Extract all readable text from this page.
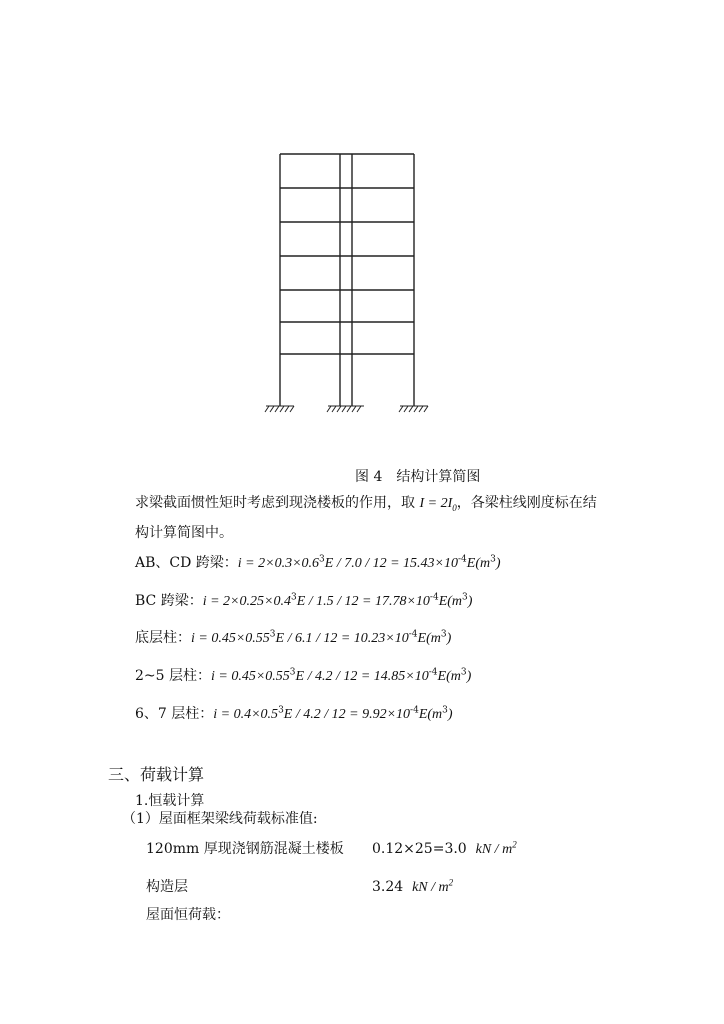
图 4　结构计算简图
求梁截面惯性矩时考虑到现浇楼板的作用，取 $I = 2I_0$，各梁柱线刚度标在结
构计算简图中。
AB、CD 跨梁：$i = 2\times 0.3\times 0.6^3E / 7.0 / 12 = 15.43\times 10^{-4}E(m^3)$
BC 跨梁：$i = 2\times 0.25\times 0.4^3E / 1.5 / 12 = 17.78\times 10^{-4}E(m^3)$
底层柱：$i = 0.45\times 0.55^3E / 6.1 / 12 = 10.23\times 10^{-4}E(m^3)$
2~5 层柱：$i = 0.45\times 0.55^3E / 4.2 / 12 = 14.85\times 10^{-4}E(m^3)$
6、7 层柱：$i = 0.4\times 0.5^3E / 4.2 / 12 = 9.92\times 10^{-4}E(m^3)$
三、荷载计算
1.恒载计算
（1）屋面框架梁线荷载标准值:
120mm 厚现浇钢筋混凝土楼板 0.12×25=3.0 kN / $m^2$
构造层	3.24 kN / $m^2$
屋面恒荷载：
